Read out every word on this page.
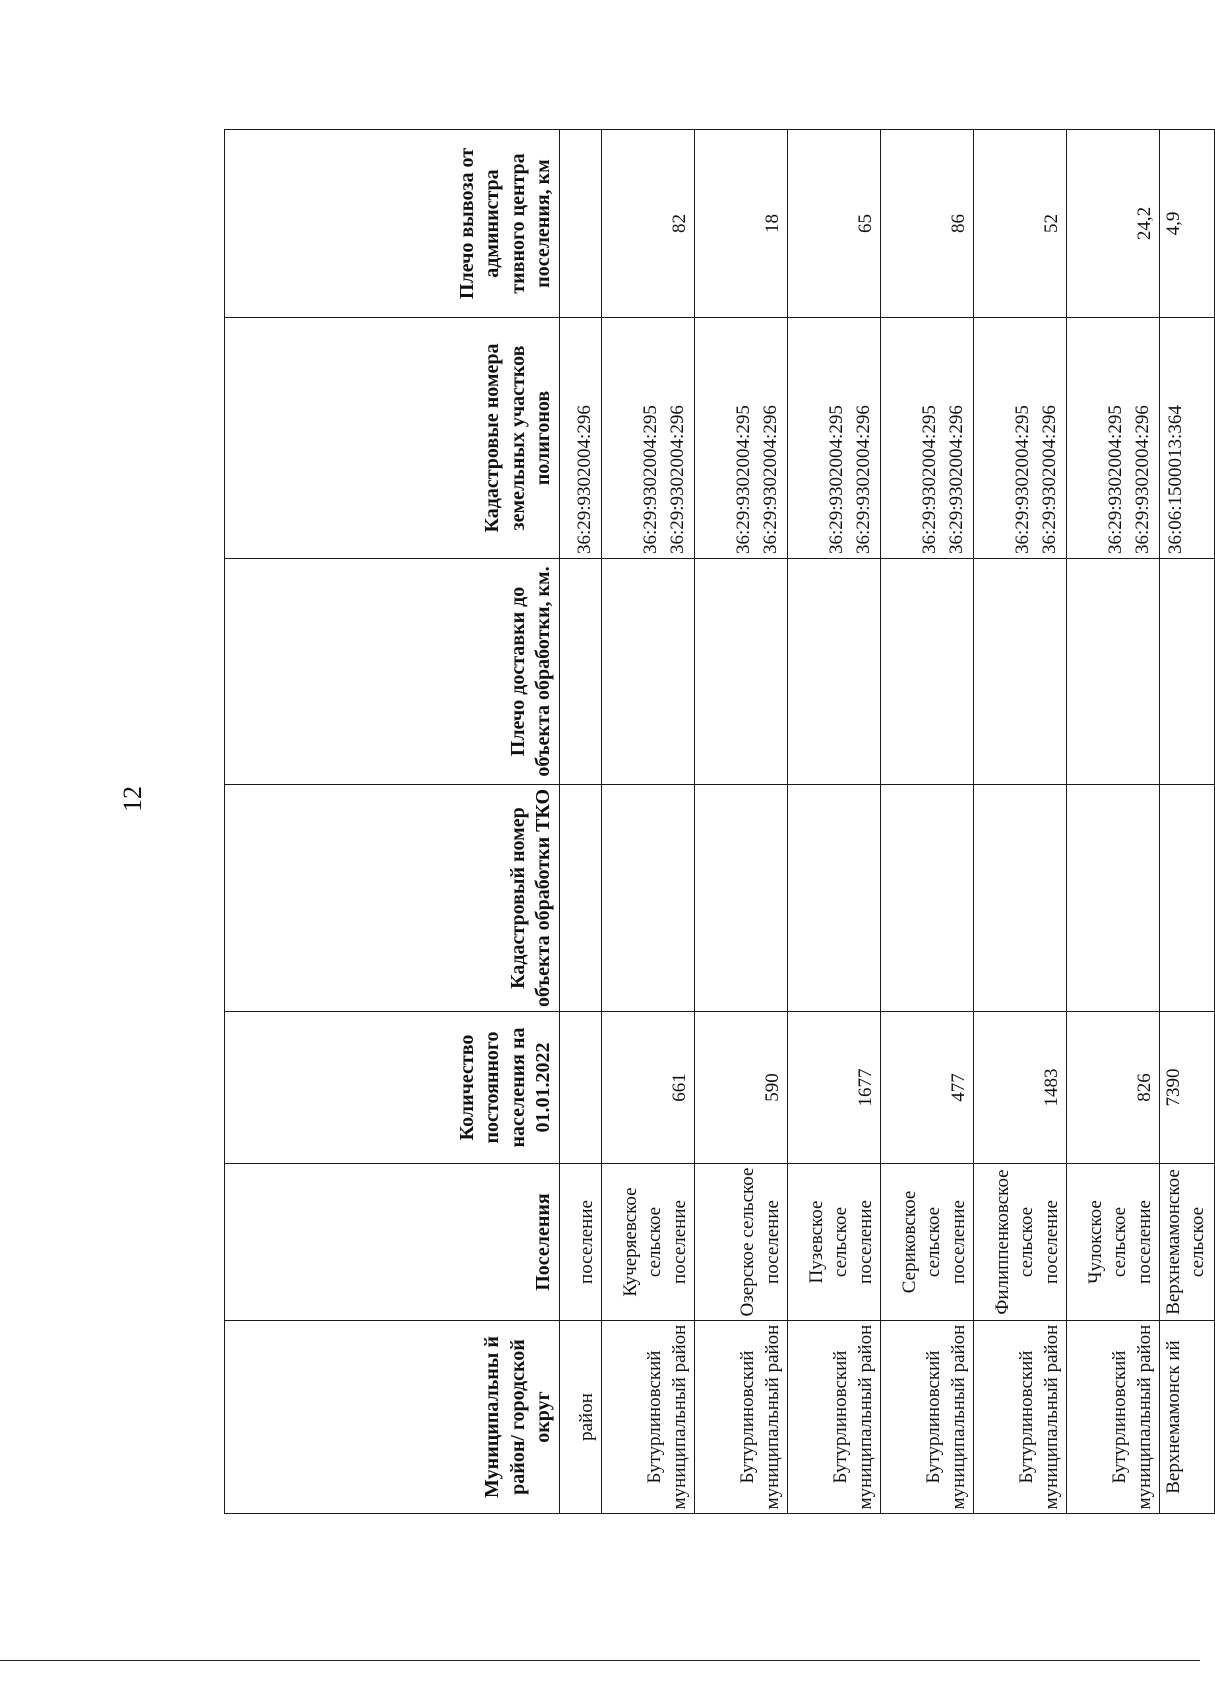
12

Муниципальны й район/ городской округ	Поселения	Количество постоянного населения на 01.01.2022	Кадастровый номер объекта обработки ТКО	Плечо доставки до объекта обработки, км.	Кадастровые номера земельных участков полигонов	Плечо вывоза от администра тивного центра поселения, км
район	поселение				36:29:9302004:296	

Бутурлиновский муниципальный район	Кучеряевское сельское поселение	661			36:29:9302004:295 36:29:9302004:296	82
Бутурлиновский муниципальный район	Озерское сельское поселение	590			36:29:9302004:295 36:29:9302004:296	18
Бутурлиновский муниципальный район	Пузевское сельское поселение	1677			36:29:9302004:295 36:29:9302004:296	65
Бутурлиновский муниципальный район	Сериковское сельское поселение	477			36:29:9302004:295 36:29:9302004:296	86
Бутурлиновский муниципальный район	Филиппенковское сельское поселение	1483			36:29:9302004:295 36:29:9302004:296	52
Бутурлиновский муниципальный район	Чулокское сельское поселение	826			36:29:9302004:295 36:29:9302004:296	24,2
Верхнемамонск ий	Верхнемамонское сельское	7390			36:06:1500013:364	4,9
